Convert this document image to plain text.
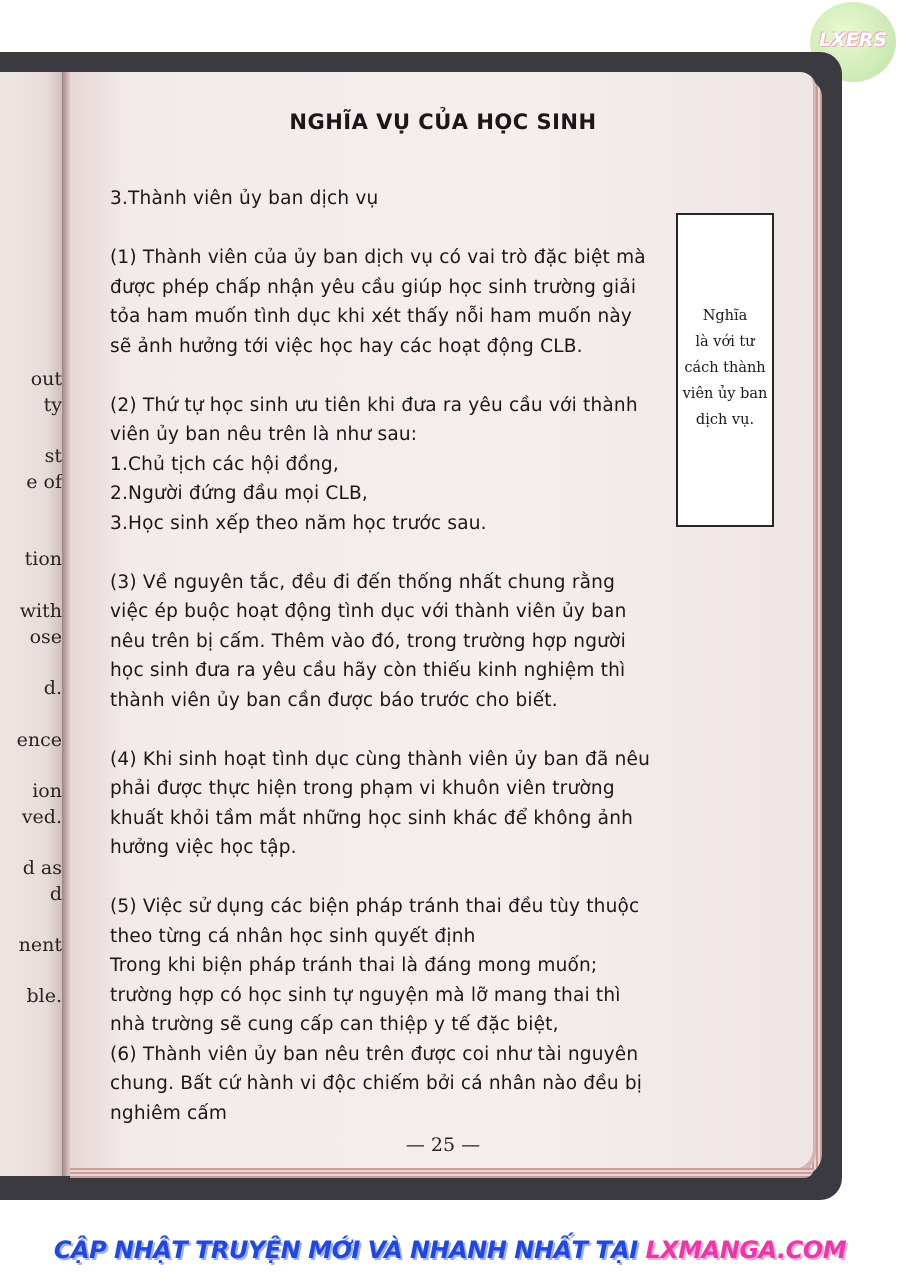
LXERS
out
ty
st
e of
tion
with
ose
d.
ence
ion
ved.
d as
d
nent
ble.
NGHĨA VỤ CỦA HỌC SINH
3.Thành viên ủy ban dịch vụ
(1) Thành viên của ủy ban dịch vụ có vai trò đặc biệt mà
được phép chấp nhận yêu cầu giúp học sinh trường giải
tỏa ham muốn tình dục khi xét thấy nỗi ham muốn này
sẽ ảnh hưởng tới việc học hay các hoạt động CLB.
(2) Thứ tự học sinh ưu tiên khi đưa ra yêu cầu với thành
viên ủy ban nêu trên là như sau:
1.Chủ tịch các hội đồng,
2.Người đứng đầu mọi CLB,
3.Học sinh xếp theo năm học trước sau.
(3) Về nguyên tắc, đều đi đến thống nhất chung rằng
việc ép buộc hoạt động tình dục với thành viên ủy ban
nêu trên bị cấm. Thêm vào đó, trong trường hợp người
học sinh đưa ra yêu cầu hãy còn thiếu kinh nghiệm thì
thành viên ủy ban cần được báo trước cho biết.
(4) Khi sinh hoạt tình dục cùng thành viên ủy ban đã nêu
phải được thực hiện trong phạm vi khuôn viên trường
khuất khỏi tầm mắt những học sinh khác để không ảnh
hưởng việc học tập.
(5) Việc sử dụng các biện pháp tránh thai đều tùy thuộc
theo từng cá nhân học sinh quyết định
Trong khi biện pháp tránh thai là đáng mong muốn;
trường hợp có học sinh tự nguyện mà lỡ mang thai thì
nhà trường sẽ cung cấp can thiệp y tế đặc biệt,
(6) Thành viên ủy ban nêu trên được coi như tài nguyên
chung. Bất cứ hành vi độc chiếm bởi cá nhân nào đều bị
nghiêm cấm
Nghĩa
là với tư
cách thành
viên ủy ban
dịch vụ.
— 25 —
CẬP NHẬT TRUYỆN MỚI VÀ NHANH NHẤT TẠI LXMANGA.COM
